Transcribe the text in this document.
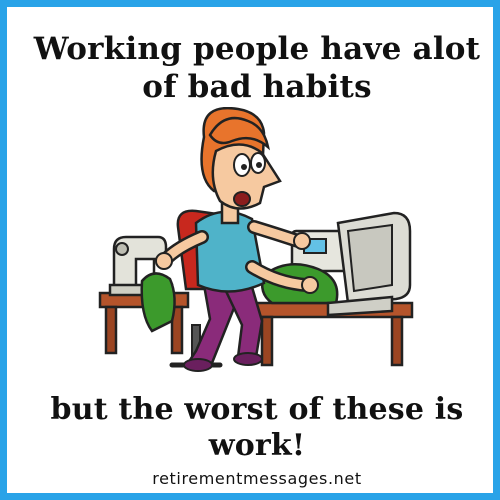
Working people have alot
of bad habits
but the worst of these is
work!
retirementmessages.net
